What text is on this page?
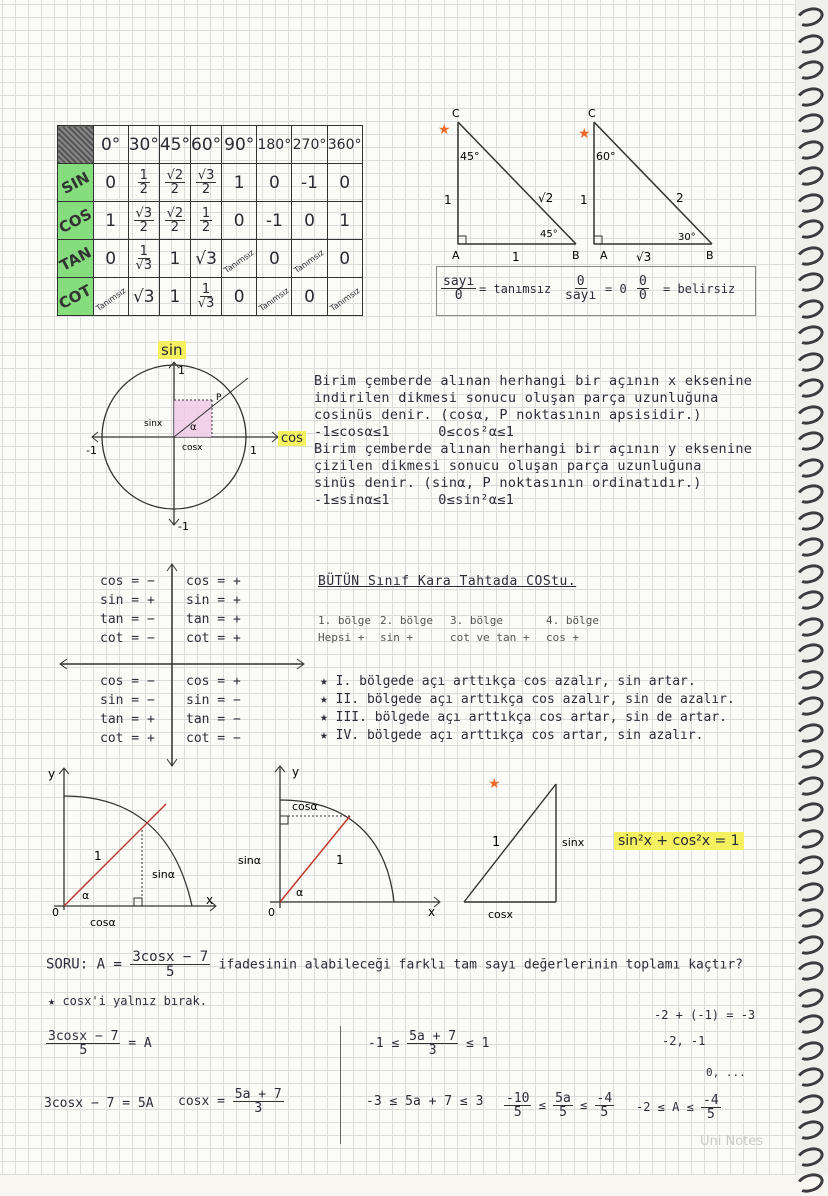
	0°	30°	45°	60°	90°	180°	270°	360°
SIN	0	$\frac{1}{2}$	$\frac{√2}{2}$	$\frac{√3}{2}$	1	0	-1	0
COS	1	$\frac{√3}{2}$	$\frac{√2}{2}$	$\frac{1}{2}$	0	-1	0	1
TAN	0	$\frac{1}{√3}$	1	√3	Tanımsız	0	Tanımsız	0
COT	Tanımsız	√3	1	$\frac{1}{√3}$	0	Tanımsız	0	Tanımsız
★
C
A	B
45°
45°
√2
1
1
★
C
A	B
60°
30°
2
1
√3
sayı
0 = tanımsız 0
sayı = $0 \frac{0}{0}$ = belirsiz
P
α
sinx
cosx
1
-1	1
-1
sin
cos
Birim çemberde alınan herhangi bir açının x eksenine
indirilen dikmesi sonucu oluşan parça uzunluğuna
cosinüs denir. (cosα, P noktasının apsisidir.)
-1≤cosα≤1	0≤cos²α≤1
Birim çemberde alınan herhangi bir açının y eksenine
çizilen dikmesi sonucu oluşan parça uzunluğuna
sinüs denir. (sinα, P noktasının ordinatıdır.)
-1≤sinα≤1	0≤sin²α≤1
cos = −
sin = +
tan = −
cot = −
cos = +
sin = +
tan = +
cot = +
cos = −
sin = −
tan = +
cot = +
cos = +
sin = −
tan = −
cot = −
BÜTÜN Sınıf Kara Tahtada COStu.
1. bölge 2. bölge 3. bölge	4. bölge
Hepsi + sin +	cot ve tan + cos +
★ I. bölgede açı arttıkça cos azalır, sin artar.
★ II. bölgede açı arttıkça cos azalır, sin de azalır.
★ III. bölgede açı arttıkça cos artar, sin de artar.
★ IV. bölgede açı arttıkça cos artar, sin azalır.
y
x
0
1
α
sinα
cosα
y
x
0
1
α
sinα
cosα
★
1	sinx
cosx
sin²x + cos²x = 1
SORU: $A = \frac{3\cos x - 7}{5}$ ifadesinin alabileceği farklı tam sayı değerlerinin toplamı kaçtır?
★ cosx'i yalnız bırak.
$\frac{3\cos x - 7}{5} = A$
3cosx − 7 = 5A $\cos x = \frac{5a + 7}{3}$
$-1 \le \frac{5a + 7}{3} \le 1$
$-3 \le 5a + 7 \le 3 \frac{-10}{5} \le \frac{5a}{5} \le \frac{-4}{5}$
-2 + (-1) = -3
-2, -1
0, ...
$-2 \le A \le \frac{-4}{5}$
Uni Notes
